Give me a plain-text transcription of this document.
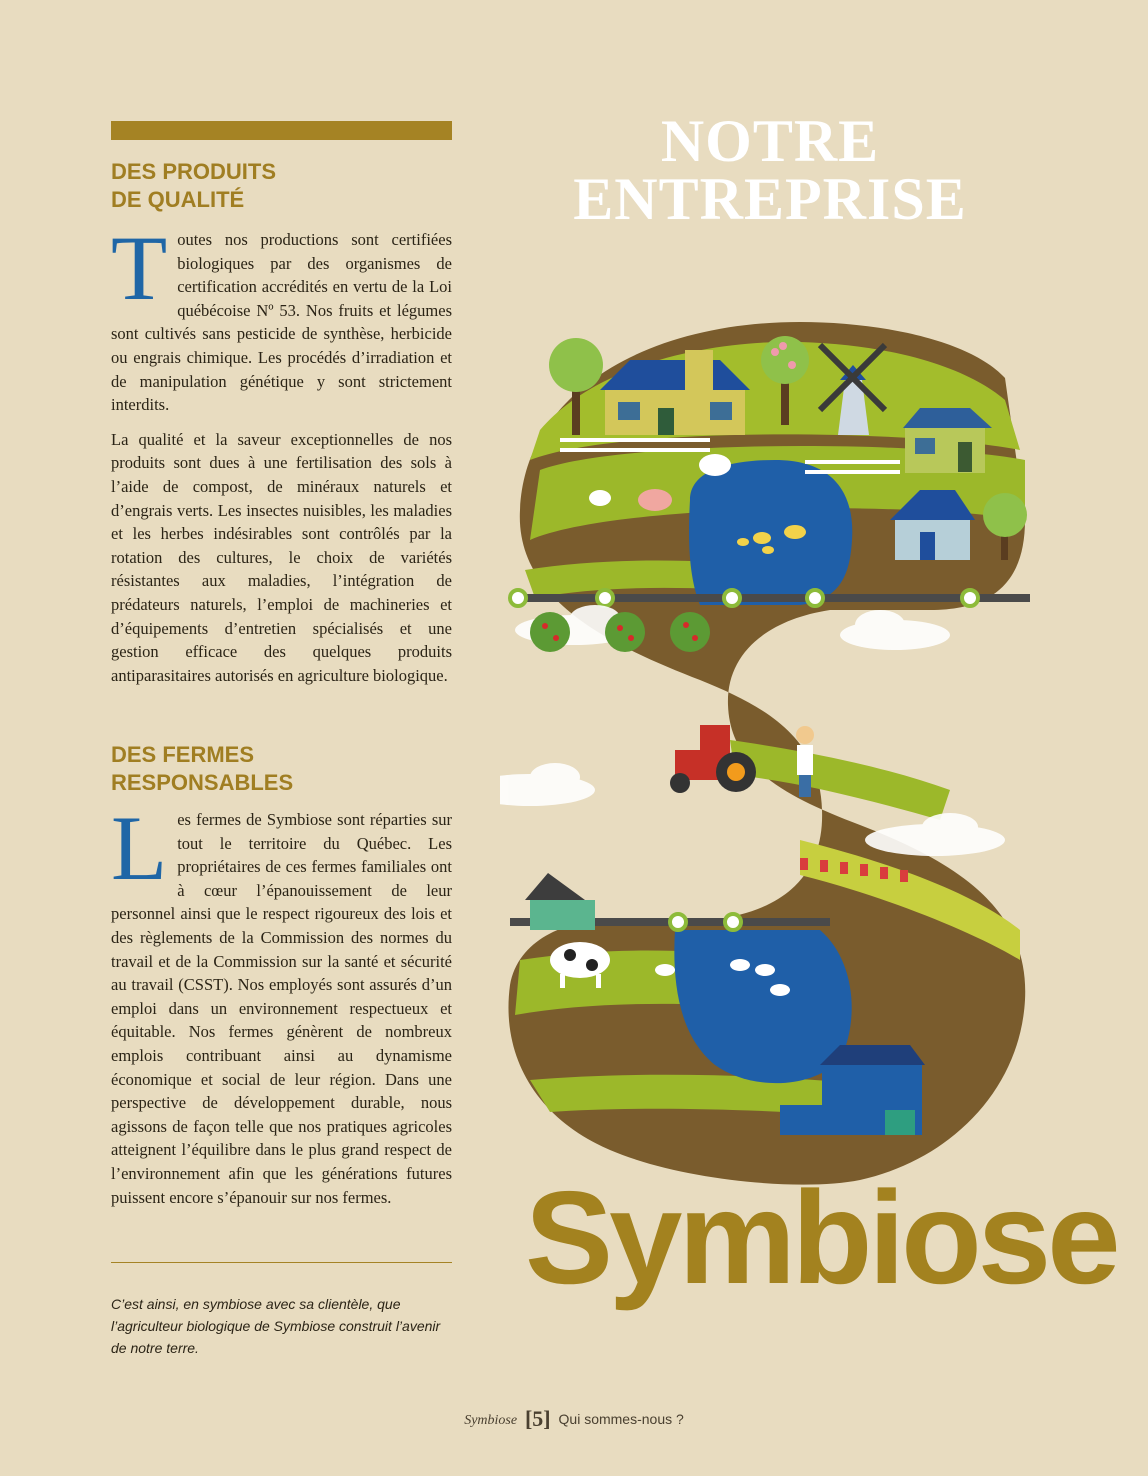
DES PRODUITS
DE QUALITÉ

Toutes nos productions sont certifiées biologiques par des organismes de certification accrédités en vertu de la Loi québécoise Nº 53. Nos fruits et légumes sont cultivés sans pesticide de synthèse, herbicide ou engrais chimique. Les procédés d’irradiation et de manipulation génétique y sont strictement interdits.

La qualité et la saveur exceptionnelles de nos produits sont dues à une fertilisation des sols à l’aide de compost, de minéraux naturels et d’engrais verts. Les insectes nuisibles, les maladies et les herbes indésirables sont contrôlés par la rotation des cultures, le choix de variétés résistantes aux maladies, l’intégration de prédateurs naturels, l’emploi de machineries et d’équipements d’entretien spécialisés et une gestion efficace des quelques produits antiparasitaires autorisés en agriculture biologique.

DES FERMES
RESPONSABLES

Les fermes de Symbiose sont réparties sur tout le territoire du Québec. Les propriétaires de ces fermes familiales ont à cœur l’épanouissement de leur personnel ainsi que le respect rigoureux des lois et des règlements de la Commission des normes du travail et de la Commission sur la santé et sécurité au travail (CSST). Nos employés sont assurés d’un emploi dans un environnement respectueux et équitable. Nos fermes génèrent de nombreux emplois contribuant ainsi au dynamisme économique et social de leur région. Dans une perspective de développement durable, nous agissons de façon telle que nos pratiques agricoles atteignent l’équilibre dans le plus grand respect de l’environnement afin que les générations futures puissent encore s’épanouir sur nos fermes.

C’est ainsi, en symbiose avec sa clientèle, que l’agriculteur biologique de Symbiose construit l’avenir de notre terre.

NOTRE
ENTREPRISE
Symbiose
Symbiose [5] Qui sommes-nous ?
